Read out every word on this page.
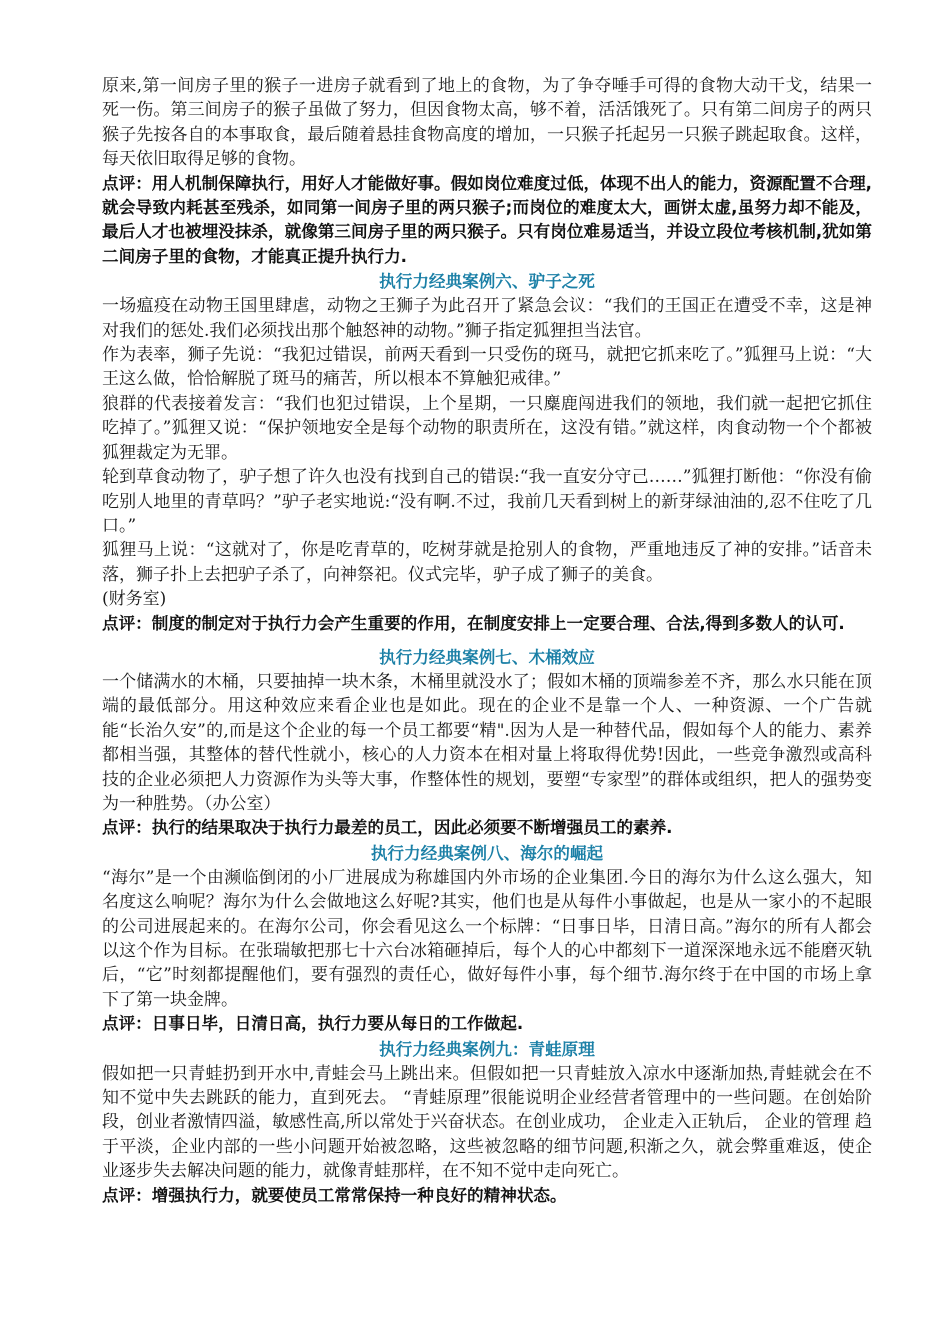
原来,第一间房子里的猴子一进房子就看到了地上的食物，为了争夺唾手可得的食物大动干戈，结果一死一伤。第三间房子的猴子虽做了努力，但因食物太高，够不着，活活饿死了。只有第二间房子的两只猴子先按各自的本事取食，最后随着悬挂食物高度的增加，一只猴子托起另一只猴子跳起取食。这样，每天依旧取得足够的食物。

点评：用人机制保障执行，用好人才能做好事。假如岗位难度过低，体现不出人的能力，资源配置不合理,就会导致内耗甚至残杀，如同第一间房子里的两只猴子;而岗位的难度太大，画饼太虚,虽努力却不能及，最后人才也被埋没抹杀，就像第三间房子里的两只猴子。只有岗位难易适当，并设立段位考核机制,犹如第二间房子里的食物，才能真正提升执行力.

执行力经典案例六、驴子之死

一场瘟疫在动物王国里肆虐，动物之王狮子为此召开了紧急会议：“我们的王国正在遭受不幸，这是神对我们的惩处.我们必须找出那个触怒神的动物。”狮子指定狐狸担当法官。

作为表率，狮子先说：“我犯过错误，前两天看到一只受伤的斑马，就把它抓来吃了。”狐狸马上说：“大王这么做，恰恰解脱了斑马的痛苦，所以根本不算触犯戒律。”

狼群的代表接着发言：“我们也犯过错误，上个星期，一只麋鹿闯进我们的领地，我们就一起把它抓住吃掉了。”狐狸又说：“保护领地安全是每个动物的职责所在，这没有错。”就这样，肉食动物一个个都被狐狸裁定为无罪。

轮到草食动物了，驴子想了许久也没有找到自己的错误:“我一直安分守己……”狐狸打断他：“你没有偷吃别人地里的青草吗？”驴子老实地说:“没有啊.不过，我前几天看到树上的新芽绿油油的,忍不住吃了几口。”

狐狸马上说：“这就对了，你是吃青草的，吃树芽就是抢别人的食物，严重地违反了神的安排。”话音未落，狮子扑上去把驴子杀了，向神祭祀。仪式完毕，驴子成了狮子的美食。

(财务室)

点评：制度的制定对于执行力会产生重要的作用，在制度安排上一定要合理、合法,得到多数人的认可.

执行力经典案例七、木桶效应

一个储满水的木桶，只要抽掉一块木条，木桶里就没水了；假如木桶的顶端参差不齐，那么水只能在顶端的最低部分。用这种效应来看企业也是如此。现在的企业不是靠一个人、一种资源、一个广告就能“长治久安”的,而是这个企业的每一个员工都要“精".因为人是一种替代品，假如每个人的能力、素养都相当强，其整体的替代性就小，核心的人力资本在相对量上将取得优势!因此，一些竞争激烈或高科技的企业必须把人力资源作为头等大事，作整体性的规划，要塑“专家型”的群体或组织，把人的强势变为一种胜势。（办公室）

点评：执行的结果取决于执行力最差的员工，因此必须要不断增强员工的素养.

执行力经典案例八、海尔的崛起

“海尔”是一个由濒临倒闭的小厂进展成为称雄国内外市场的企业集团.今日的海尔为什么这么强大，知名度这么响呢？海尔为什么会做地这么好呢?其实，他们也是从每件小事做起，也是从一家小的不起眼的公司进展起来的。在海尔公司，你会看见这么一个标牌：“日事日毕，日清日高。”海尔的所有人都会以这个作为目标。在张瑞敏把那七十六台冰箱砸掉后，每个人的心中都刻下一道深深地永远不能磨灭轨后，“它”时刻都提醒他们，要有强烈的责任心，做好每件小事，每个细节.海尔终于在中国的市场上拿下了第一块金牌。

点评：日事日毕，日清日高，执行力要从每日的工作做起.

执行力经典案例九：青蛙原理

假如把一只青蛙扔到开水中,青蛙会马上跳出来。但假如把一只青蛙放入凉水中逐渐加热,青蛙就会在不知不觉中失去跳跃的能力，直到死去。 “青蛙原理”很能说明企业经营者管理中的一些问题。在创始阶段，创业者激情四溢，敏感性高,所以常处于兴奋状态。在创业成功， 企业走入正轨后， 企业的管理 趋于平淡，企业内部的一些小问题开始被忽略，这些被忽略的细节问题,积渐之久，就会弊重难返，使企业逐步失去解决问题的能力，就像青蛙那样，在不知不觉中走向死亡。

点评：增强执行力，就要使员工常常保持一种良好的精神状态。
